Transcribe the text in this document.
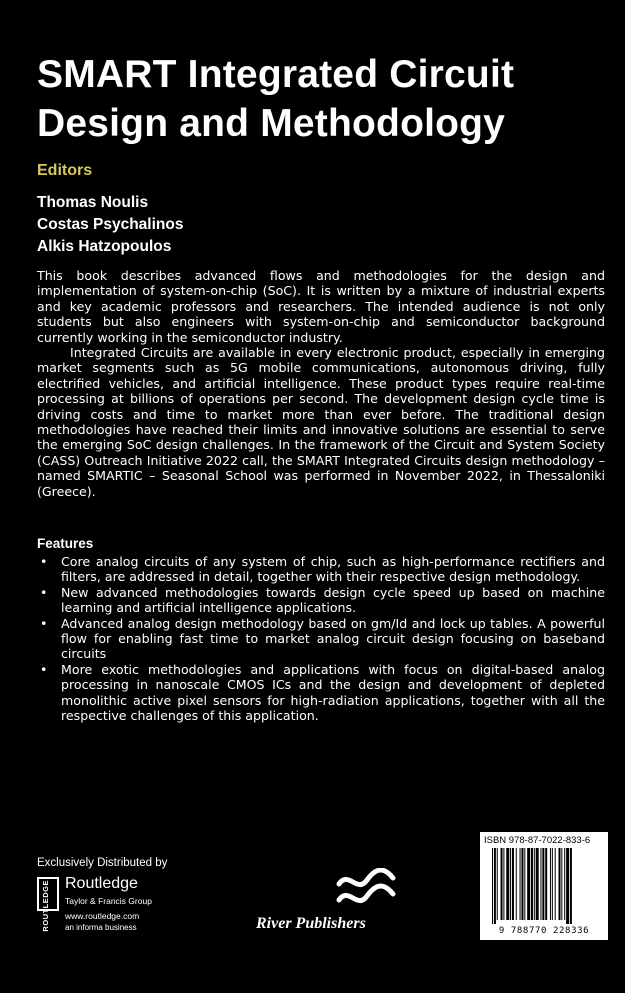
SMART Integrated Circuit
Design and Methodology
Editors
Thomas Noulis
Costas Psychalinos
Alkis Hatzopoulos

This book describes advanced flows and methodologies for the design and implementation of system-on-chip (SoC). It is written by a mixture of industrial experts and key academic professors and researchers. The intended audience is not only students but also engineers with system-on-chip and semiconductor background currently working in the semiconductor industry.

Integrated Circuits are available in every electronic product, especially in emerging market segments such as 5G mobile communications, autonomous driving, fully electrified vehicles, and artificial intelligence. These product types require real-time processing at billions of operations per second. The development design cycle time is driving costs and time to market more than ever before. The traditional design methodologies have reached their limits and innovative solutions are essential to serve the emerging SoC design challenges. In the framework of the Circuit and System Society (CASS) Outreach Initiative 2022 call, the SMART Integrated Circuits design methodology – named SMARTIC – Seasonal School was performed in November 2022, in Thessaloniki (Greece).

Features
• Core analog circuits of any system of chip, such as high-performance rectifiers and filters, are addressed in detail, together with their respective design methodology.
• New advanced methodologies towards design cycle speed up based on machine learning and artificial intelligence applications.
• Advanced analog design methodology based on gm/Id and lock up tables. A powerful flow for enabling fast time to market analog circuit design focusing on baseband circuits
• More exotic methodologies and applications with focus on digital-based analog processing in nanoscale CMOS ICs and the design and development of depleted monolithic active pixel sensors for high-radiation applications, together with all the respective challenges of this application.
Exclusively Distributed by
ROUTLEDGE Routledge
Taylor & Francis Group
www.routledge.com
an informa business	River Publishers
ISBN 978-87-7022-833-6
9 788770 228336
